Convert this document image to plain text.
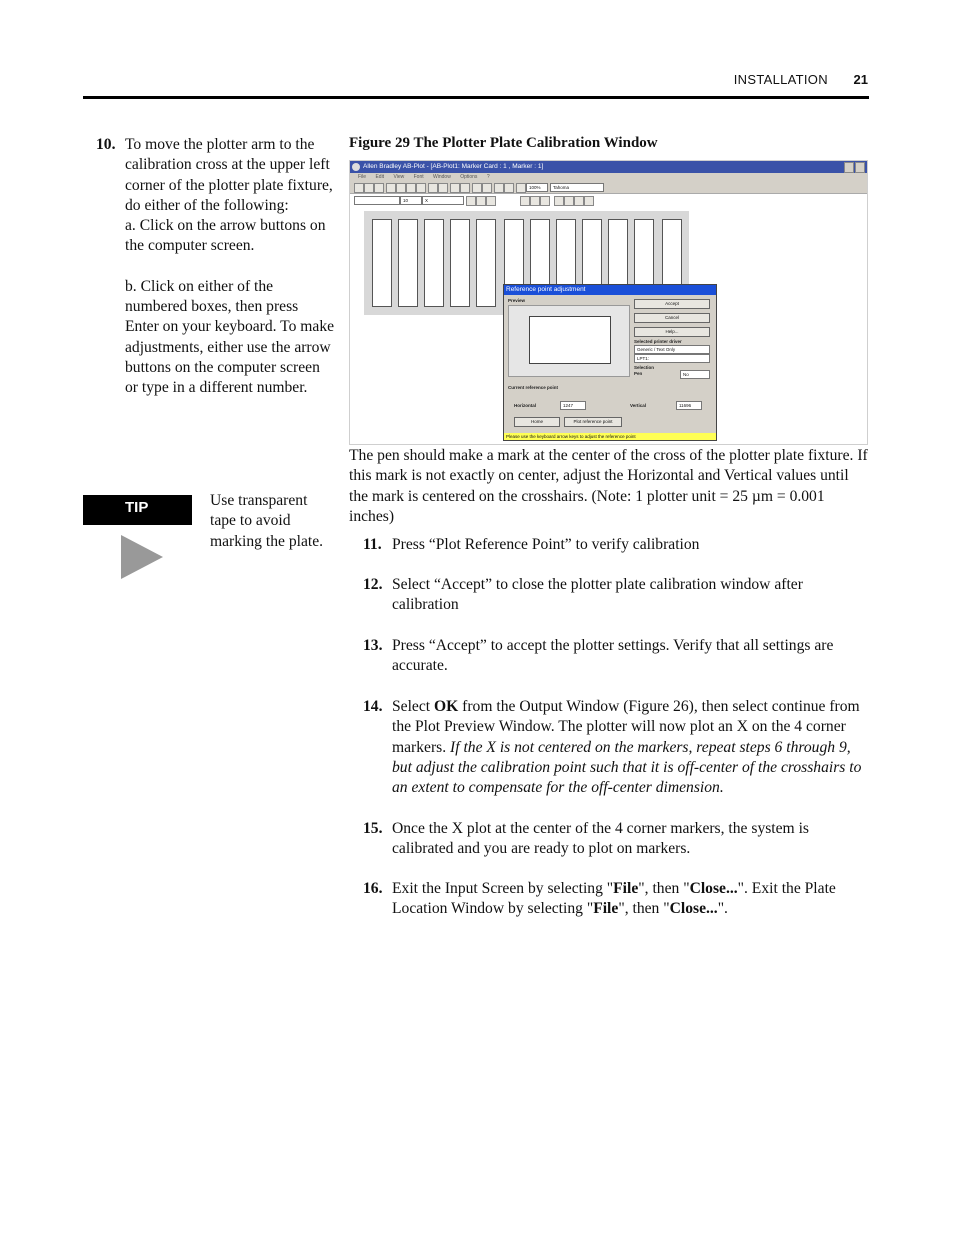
INSTALLATION 21
10. To move the plotter arm to the calibration cross at the upper left corner of the plotter plate fixture, do either of the following:
a. Click on the arrow buttons on the computer screen.
b. Click on either of the numbered boxes, then press Enter on your keyboard. To make adjustments, either use the arrow buttons on the computer screen or type in a different number.
TIP	Use transparent tape to avoid marking the plate.
Figure 29 The Plotter Plate Calibration Window
Allen Bradley AB-Plot - [AB-Plot1: Marker Card : 1 , Marker : 1]
File Edit View Font Window Options ?
100%	Tahoma
10	X
Reference point adjustment
Preview
Accept
Cancel
Help...
Selected printer driver
Generic / Text Only
LPT1:
Selection
Pen	No
Current reference point
Horizontal	1247	Vertical	11696
Home	Plot reference point
Please use the keyboard arrow keys to adjust the reference point
The pen should make a mark at the center of the cross of the plotter plate fixture. If this mark is not exactly on center, adjust the Horizontal and Vertical values until the mark is centered on the crosshairs. (Note: 1 plotter unit = 25 µm = 0.001 inches)
11. Press “Plot Reference Point” to verify calibration
12. Select “Accept” to close the plotter plate calibration window after calibration
13. Press “Accept” to accept the plotter settings. Verify that all settings are accurate.
14. Select OK from the Output Window (Figure 26), then select continue from the Plot Preview Window. The plotter will now plot an X on the 4 corner markers. If the X is not centered on the markers, repeat steps 6 through 9, but adjust the calibration point such that it is off-center of the crosshairs to an extent to compensate for the off-center dimension.
15. Once the X plot at the center of the 4 corner markers, the system is calibrated and you are ready to plot on markers.
16. Exit the Input Screen by selecting "File", then "Close...". Exit the Plate Location Window by selecting "File", then "Close...".
